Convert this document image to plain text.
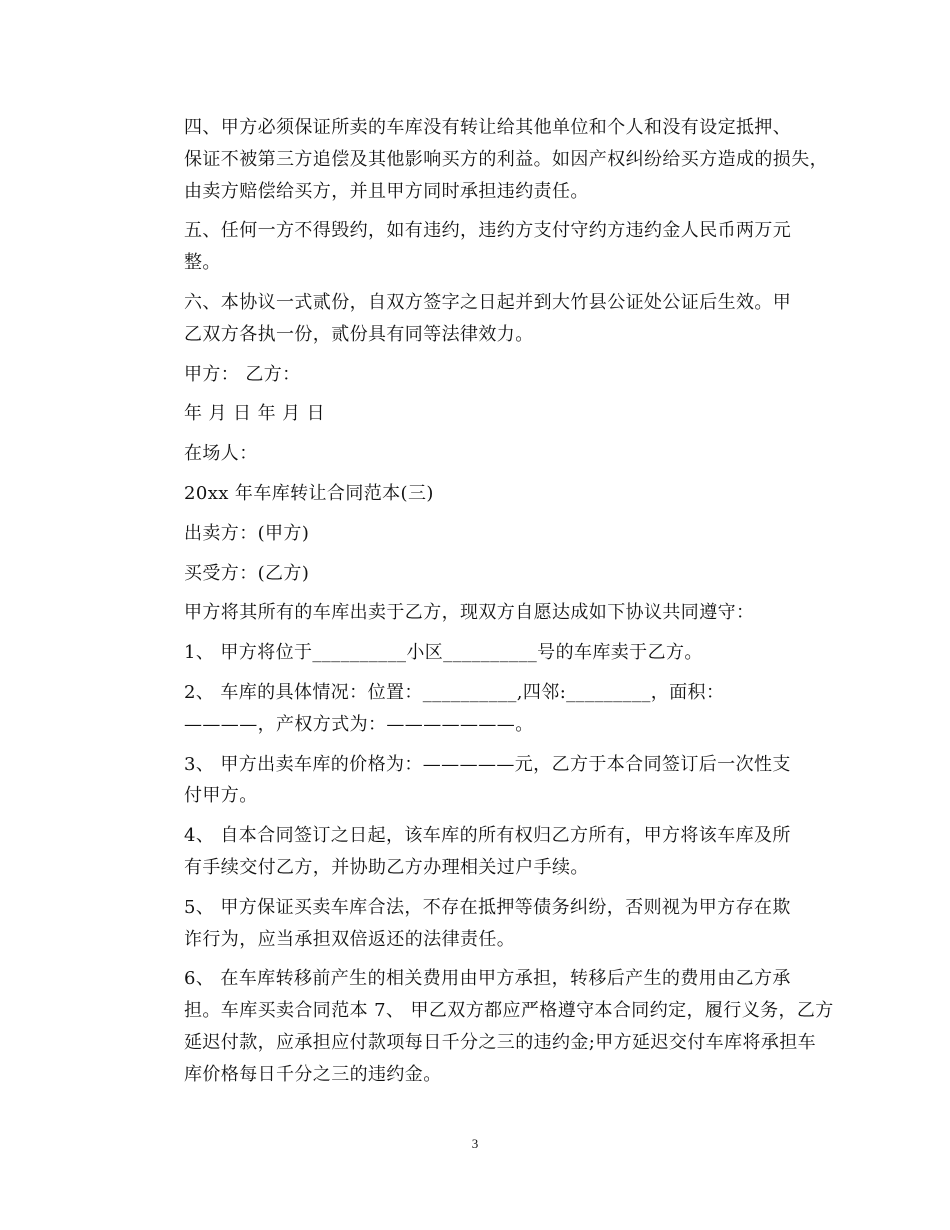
四、甲方必须保证所卖的车库没有转让给其他单位和个人和没有设定抵押、
保证不被第三方追偿及其他影响买方的利益。如因产权纠纷给买方造成的损失，
由卖方赔偿给买方，并且甲方同时承担违约责任。

五、任何一方不得毁约，如有违约，违约方支付守约方违约金人民币两万元
整。

六、本协议一式贰份，自双方签字之日起并到大竹县公证处公证后生效。甲
乙双方各执一份，贰份具有同等法律效力。

甲方： 乙方：

年 月 日 年 月 日

在场人：

20xx 年车库转让合同范本(三)

出卖方：(甲方)

买受方：(乙方)

甲方将其所有的车库出卖于乙方，现双方自愿达成如下协议共同遵守：

1、 甲方将位于__________小区__________号的车库卖于乙方。

2、 车库的具体情况：位置：__________,四邻:_________，面积：
————，产权方式为：———————。

3、 甲方出卖车库的价格为：—————元，乙方于本合同签订后一次性支
付甲方。

4、 自本合同签订之日起，该车库的所有权归乙方所有，甲方将该车库及所
有手续交付乙方，并协助乙方办理相关过户手续。

5、 甲方保证买卖车库合法，不存在抵押等债务纠纷，否则视为甲方存在欺
诈行为，应当承担双倍返还的法律责任。

6、 在车库转移前产生的相关费用由甲方承担，转移后产生的费用由乙方承
担。车库买卖合同范本 7、 甲乙双方都应严格遵守本合同约定，履行义务，乙方
延迟付款，应承担应付款项每日千分之三的违约金;甲方延迟交付车库将承担车
库价格每日千分之三的违约金。

3
